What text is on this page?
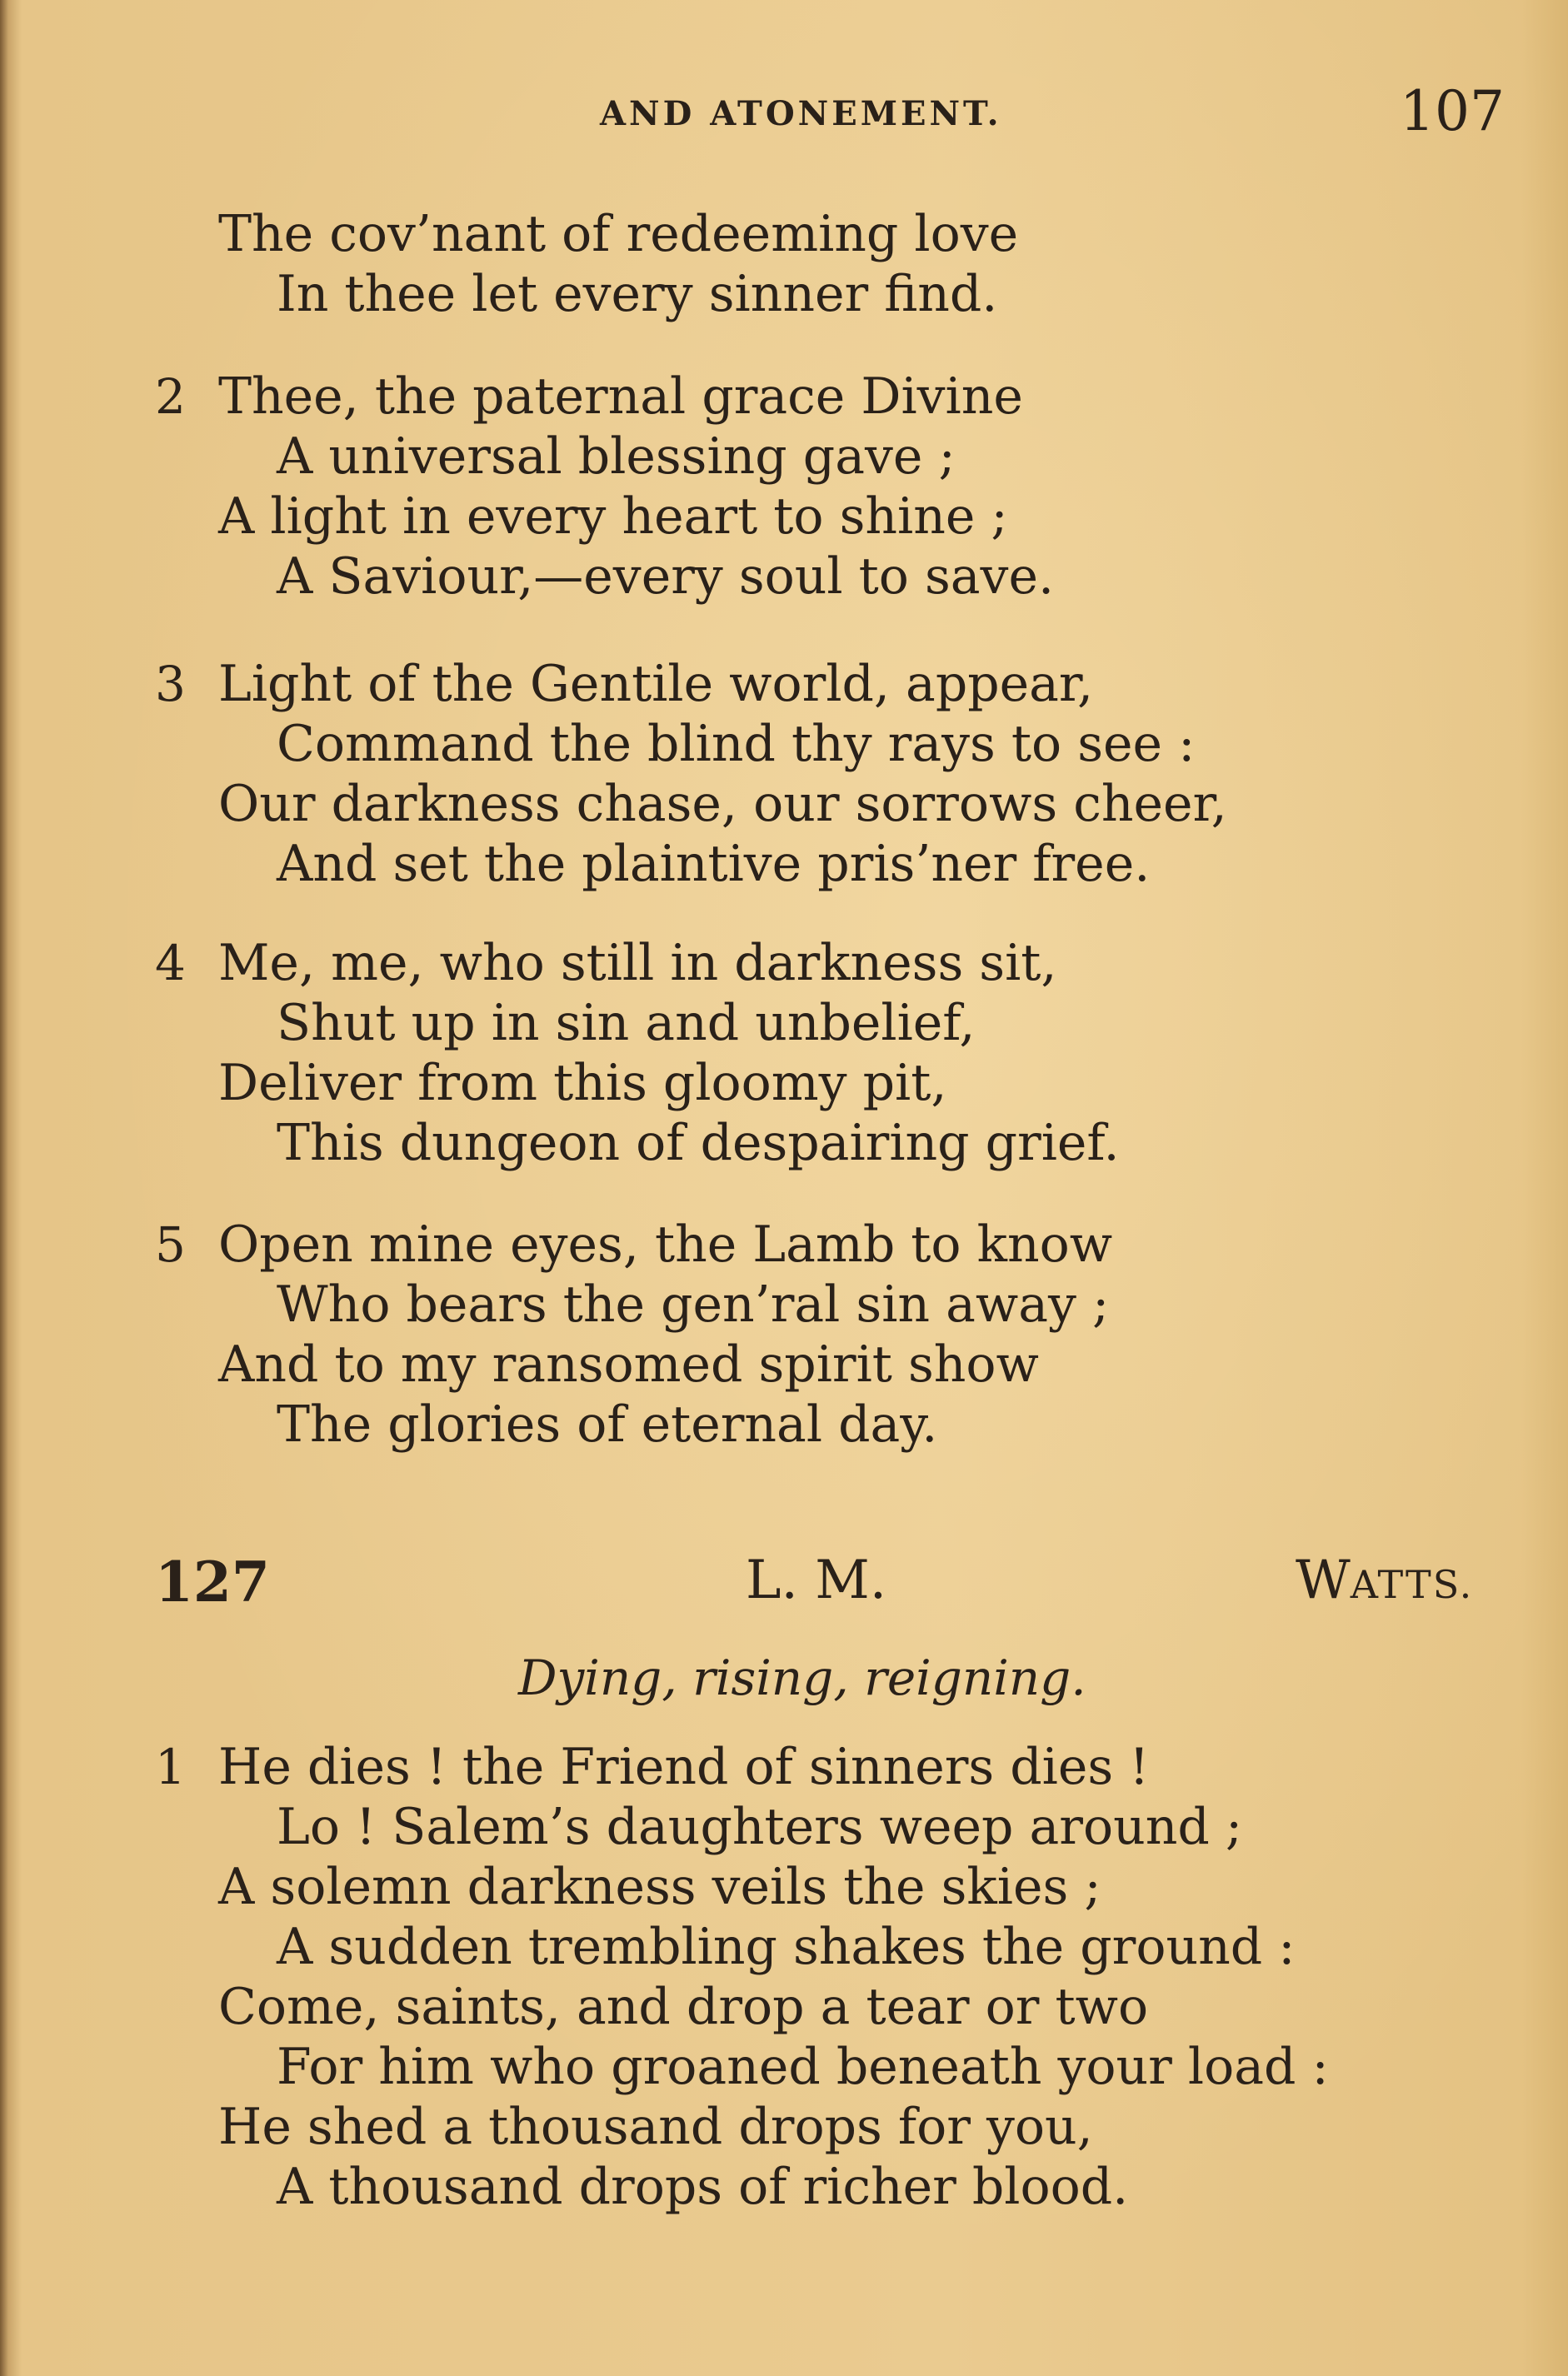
AND ATONEMENT.	107
The cov’nant of redeeming love
In thee let every sinner find.
2 Thee, the paternal grace Divine
A universal blessing gave ;
A light in every heart to shine ;
A Saviour,—every soul to save.
3 Light of the Gentile world, appear,
Command the blind thy rays to see :
Our darkness chase, our sorrows cheer,
And set the plaintive pris’ner free.
4 Me, me, who still in darkness sit,
Shut up in sin and unbelief,
Deliver from this gloomy pit,
This dungeon of despairing grief.
5 Open mine eyes, the Lamb to know
Who bears the gen’ral sin away ;
And to my ransomed spirit show
The glories of eternal day.
127	L. M.	WATTS.
Dying, rising, reigning.
1 He dies ! the Friend of sinners dies !
Lo ! Salem’s daughters weep around ;
A solemn darkness veils the skies ;
A sudden trembling shakes the ground :
Come, saints, and drop a tear or two
For him who groaned beneath your load :
He shed a thousand drops for you,
A thousand drops of richer blood.
